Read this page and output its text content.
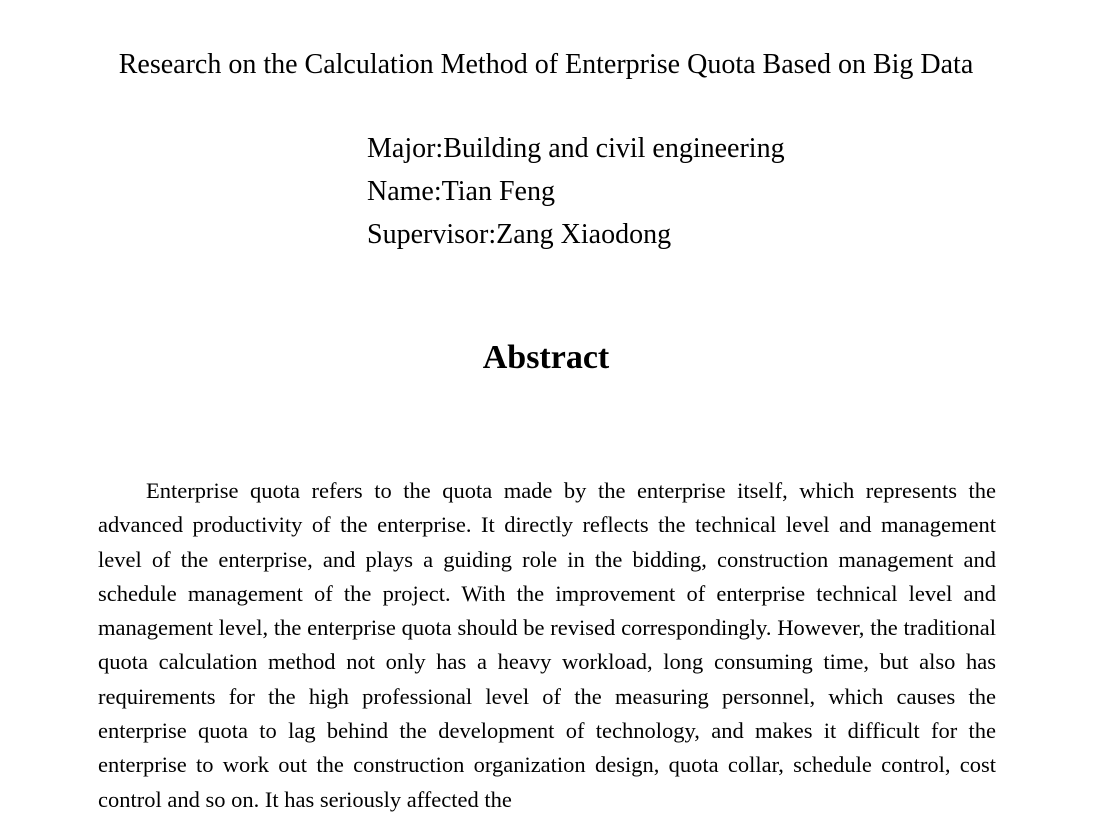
Research on the Calculation Method of Enterprise Quota Based on Big Data
Major:Building and civil engineering
Name:Tian Feng
Supervisor:Zang Xiaodong
Abstract

Enterprise quota refers to the quota made by the enterprise itself, which represents the advanced productivity of the enterprise. It directly reflects the technical level and management level of the enterprise, and plays a guiding role in the bidding, construction management and schedule management of the project. With the improvement of enterprise technical level and management level, the enterprise quota should be revised correspondingly. However, the traditional quota calculation method not only has a heavy workload, long consuming time, but also has requirements for the high professional level of the measuring personnel, which causes the enterprise quota to lag behind the development of technology, and makes it difficult for the enterprise to work out the construction organization design, quota collar, schedule control, cost control and so on. It has seriously affected the
